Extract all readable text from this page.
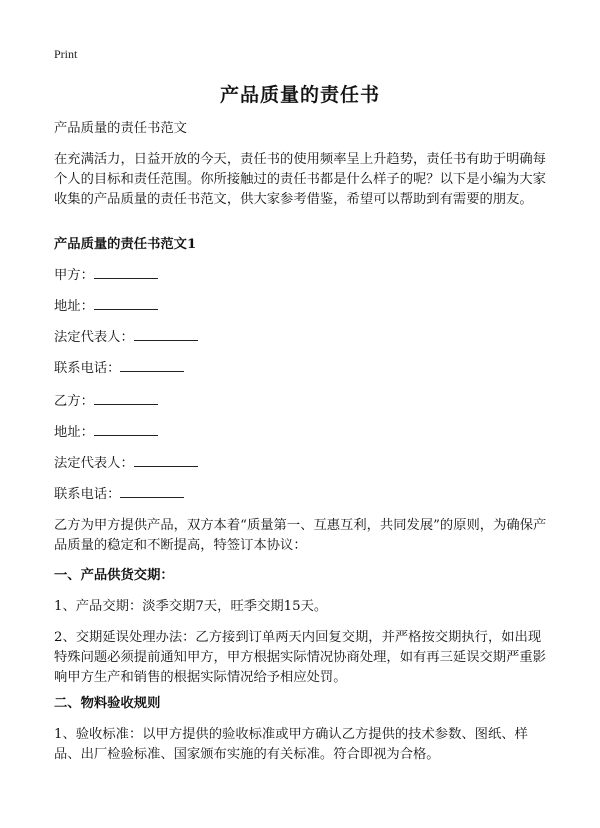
Print
产品质量的责任书
产品质量的责任书范文
在充满活力，日益开放的今天，责任书的使用频率呈上升趋势，责任书有助于明确每个人的目标和责任范围。你所接触过的责任书都是什么样子的呢？以下是小编为大家收集的产品质量的责任书范文，供大家参考借鉴，希望可以帮助到有需要的朋友。
产品质量的责任书范文1
甲方：
地址：
法定代表人：
联系电话：
乙方：
地址：
法定代表人：
联系电话：
乙方为甲方提供产品，双方本着“质量第一、互惠互利，共同发展”的原则，为确保产品质量的稳定和不断提高，特签订本协议：
一、产品供货交期：
1、产品交期：淡季交期7天，旺季交期15天。
2、交期延误处理办法：乙方接到订单两天内回复交期，并严格按交期执行，如出现特殊问题必须提前通知甲方，甲方根据实际情况协商处理，如有再三延误交期严重影响甲方生产和销售的根据实际情况给予相应处罚。
二、物料验收规则
1、验收标准：以甲方提供的验收标准或甲方确认乙方提供的技术参数、图纸、样品、出厂检验标准、国家颁布实施的有关标准。符合即视为合格。
